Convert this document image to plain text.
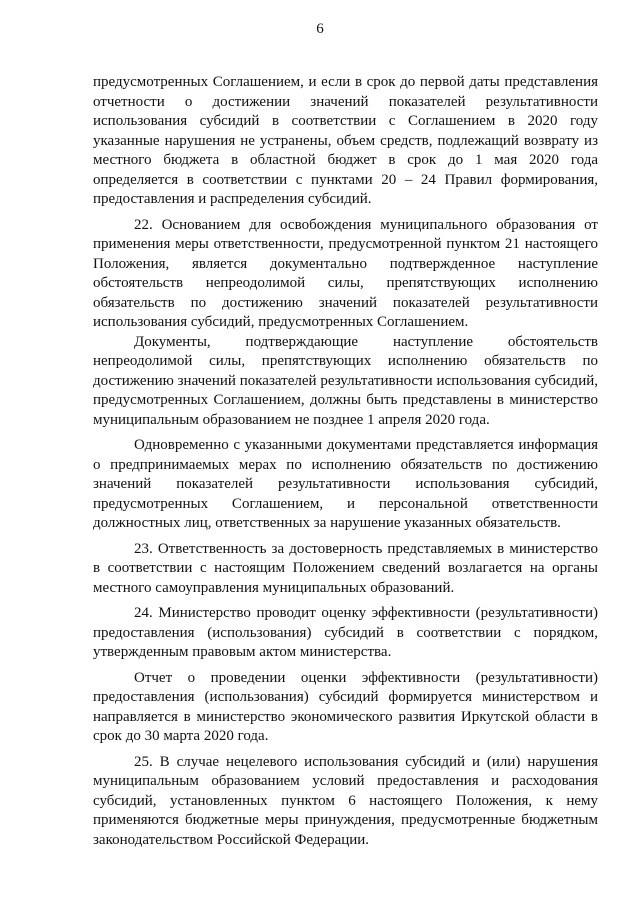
6

предусмотренных Соглашением, и если в срок до первой даты представления отчетности о достижении значений показателей результативности использования субсидий в соответствии с Соглашением в 2020 году указанные нарушения не устранены, объем средств, подлежащий возврату из местного бюджета в областной бюджет в срок до 1 мая 2020 года определяется в соответствии с пунктами 20 – 24 Правил формирования, предоставления и распределения субсидий.

22. Основанием для освобождения муниципального образования от применения меры ответственности, предусмотренной пунктом 21 настоящего Положения, является документально подтвержденное наступление обстоятельств непреодолимой силы, препятствующих исполнению обязательств по достижению значений показателей результативности использования субсидий, предусмотренных Соглашением.

Документы, подтверждающие наступление обстоятельств непреодолимой силы, препятствующих исполнению обязательств по достижению значений показателей результативности использования субсидий, предусмотренных Соглашением, должны быть представлены в министерство муниципальным образованием не позднее 1 апреля 2020 года.

Одновременно с указанными документами представляется информация о предпринимаемых мерах по исполнению обязательств по достижению значений показателей результативности использования субсидий, предусмотренных Соглашением, и персональной ответственности должностных лиц, ответственных за нарушение указанных обязательств.

23. Ответственность за достоверность представляемых в министерство в соответствии с настоящим Положением сведений возлагается на органы местного самоуправления муниципальных образований.

24. Министерство проводит оценку эффективности (результативности) предоставления (использования) субсидий в соответствии с порядком, утвержденным правовым актом министерства.

Отчет о проведении оценки эффективности (результативности) предоставления (использования) субсидий формируется министерством и направляется в министерство экономического развития Иркутской области в срок до 30 марта 2020 года.

25. В случае нецелевого использования субсидий и (или) нарушения муниципальным образованием условий предоставления и расходования субсидий, установленных пунктом 6 настоящего Положения, к нему применяются бюджетные меры принуждения, предусмотренные бюджетным законодательством Российской Федерации.
